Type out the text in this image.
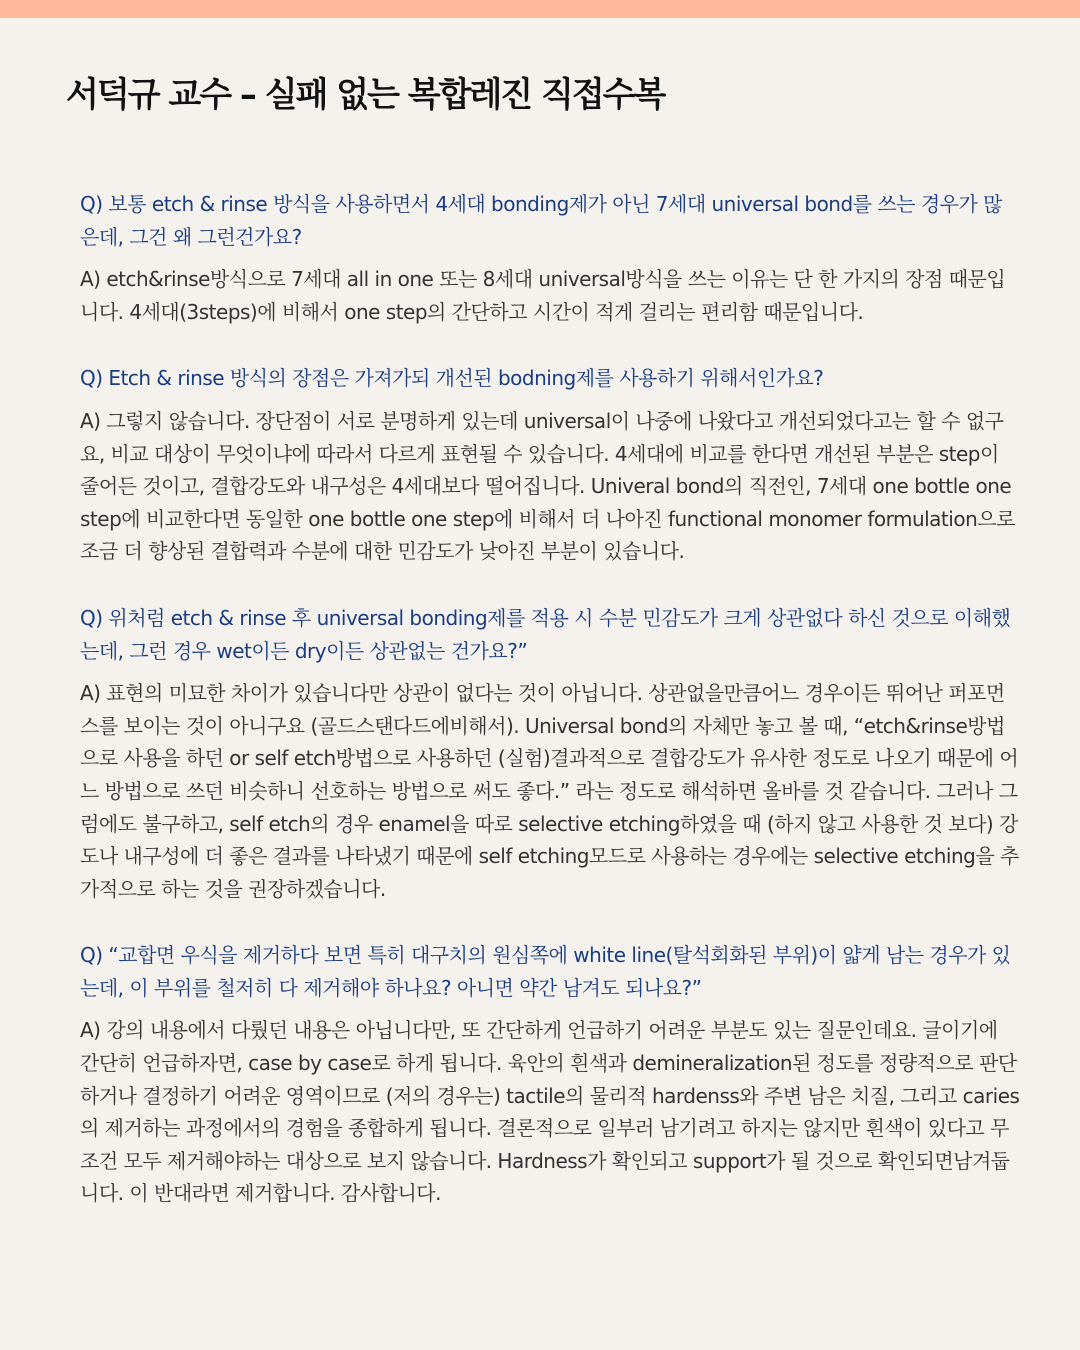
서덕규 교수 – 실패 없는 복합레진 직접수복

Q) 보통 etch & rinse 방식을 사용하면서 4세대 bonding제가 아닌 7세대 universal bond를 쓰는 경우가 많은데, 그건 왜 그런건가요?

A) etch&rinse방식으로 7세대 all in one 또는 8세대 universal방식을 쓰는 이유는 단 한 가지의 장점 때문입니다. 4세대(3steps)에 비해서 one step의 간단하고 시간이 적게 걸리는 편리함 때문입니다.

Q) Etch & rinse 방식의 장점은 가져가되 개선된 bodning제를 사용하기 위해서인가요?

A) 그렇지 않습니다. 장단점이 서로 분명하게 있는데 universal이 나중에 나왔다고 개선되었다고는 할 수 없구요, 비교 대상이 무엇이냐에 따라서 다르게 표현될 수 있습니다. 4세대에 비교를 한다면 개선된 부분은 step이 줄어든 것이고, 결합강도와 내구성은 4세대보다 떨어집니다. Univeral bond의 직전인, 7세대 one bottle one step에 비교한다면 동일한 one bottle one step에 비해서 더 나아진 functional monomer formulation으로 조금 더 향상된 결합력과 수분에 대한 민감도가 낮아진 부분이 있습니다.

Q) 위처럼 etch & rinse 후 universal bonding제를 적용 시 수분 민감도가 크게 상관없다 하신 것으로 이해했는데, 그런 경우 wet이든 dry이든 상관없는 건가요?”

A) 표현의 미묘한 차이가 있습니다만 상관이 없다는 것이 아닙니다. 상관없을만큼어느 경우이든 뛰어난 퍼포먼스를 보이는 것이 아니구요 (골드스탠다드에비해서). Universal bond의 자체만 놓고 볼 때, “etch&rinse방법으로 사용을 하던 or self etch방법으로 사용하던 (실험)결과적으로 결합강도가 유사한 정도로 나오기 때문에 어느 방법으로 쓰던 비슷하니 선호하는 방법으로 써도 좋다.” 라는 정도로 해석하면 올바를 것 같습니다. 그러나 그럼에도 불구하고, self etch의 경우 enamel을 따로 selective etching하였을 때 (하지 않고 사용한 것 보다) 강도나 내구성에 더 좋은 결과를 나타냈기 때문에 self etching모드로 사용하는 경우에는 selective etching을 추가적으로 하는 것을 권장하겠습니다.

Q) “교합면 우식을 제거하다 보면 특히 대구치의 원심쪽에 white line(탈석회화된 부위)이 얇게 남는 경우가 있는데, 이 부위를 철저히 다 제거해야 하나요? 아니면 약간 남겨도 되나요?”

A) 강의 내용에서 다뤘던 내용은 아닙니다만, 또 간단하게 언급하기 어려운 부분도 있는 질문인데요. 글이기에 간단히 언급하자면, case by case로 하게 됩니다. 육안의 흰색과 demineralization된 정도를 정량적으로 판단하거나 결정하기 어려운 영역이므로 (저의 경우는) tactile의 물리적 hardenss와 주변 남은 치질, 그리고 caries의 제거하는 과정에서의 경험을 종합하게 됩니다. 결론적으로 일부러 남기려고 하지는 않지만 흰색이 있다고 무조건 모두 제거해야하는 대상으로 보지 않습니다. Hardness가 확인되고 support가 될 것으로 확인되면남겨둡니다. 이 반대라면 제거합니다. 감사합니다.
